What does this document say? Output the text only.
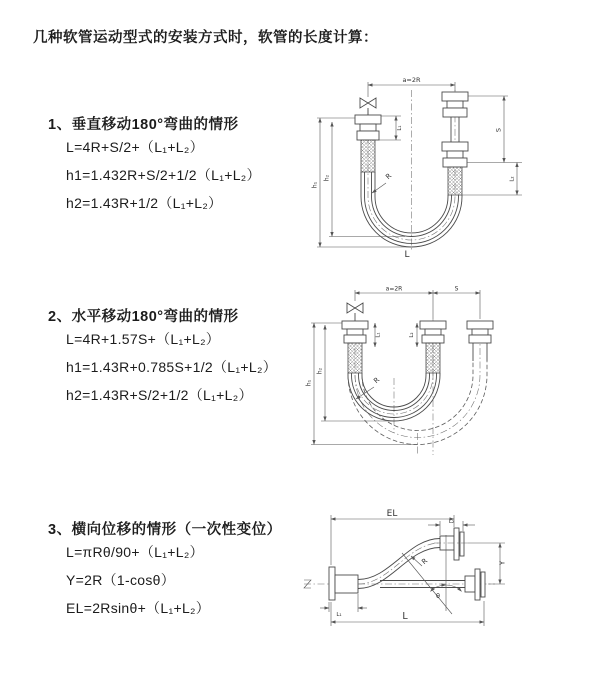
几种软管运动型式的安装方式时，软管的长度计算：
1、垂直移动180°弯曲的情形
L=4R+S/2+（L₁+L₂）
h1=1.432R+S/2+1/2（L₁+L₂）
h2=1.43R+1/2（L₁+L₂）
2、水平移动180°弯曲的情形
L=4R+1.57S+（L₁+L₂）
h1=1.43R+0.785S+1/2（L₁+L₂）
h2=1.43R+S/2+1/2（L₁+L₂）
3、横向位移的情形（一次性变位）
L=πRθ/90+（L₁+L₂）
Y=2R（1-cosθ）
EL=2Rsinθ+（L₁+L₂）
a=2R
h₁
h₂
L₁	S
L₂
R
L
a=2R	S
h₁
h₂
L₁	L₂
R
EL
L₂
Y
θ
R
L₁	L
